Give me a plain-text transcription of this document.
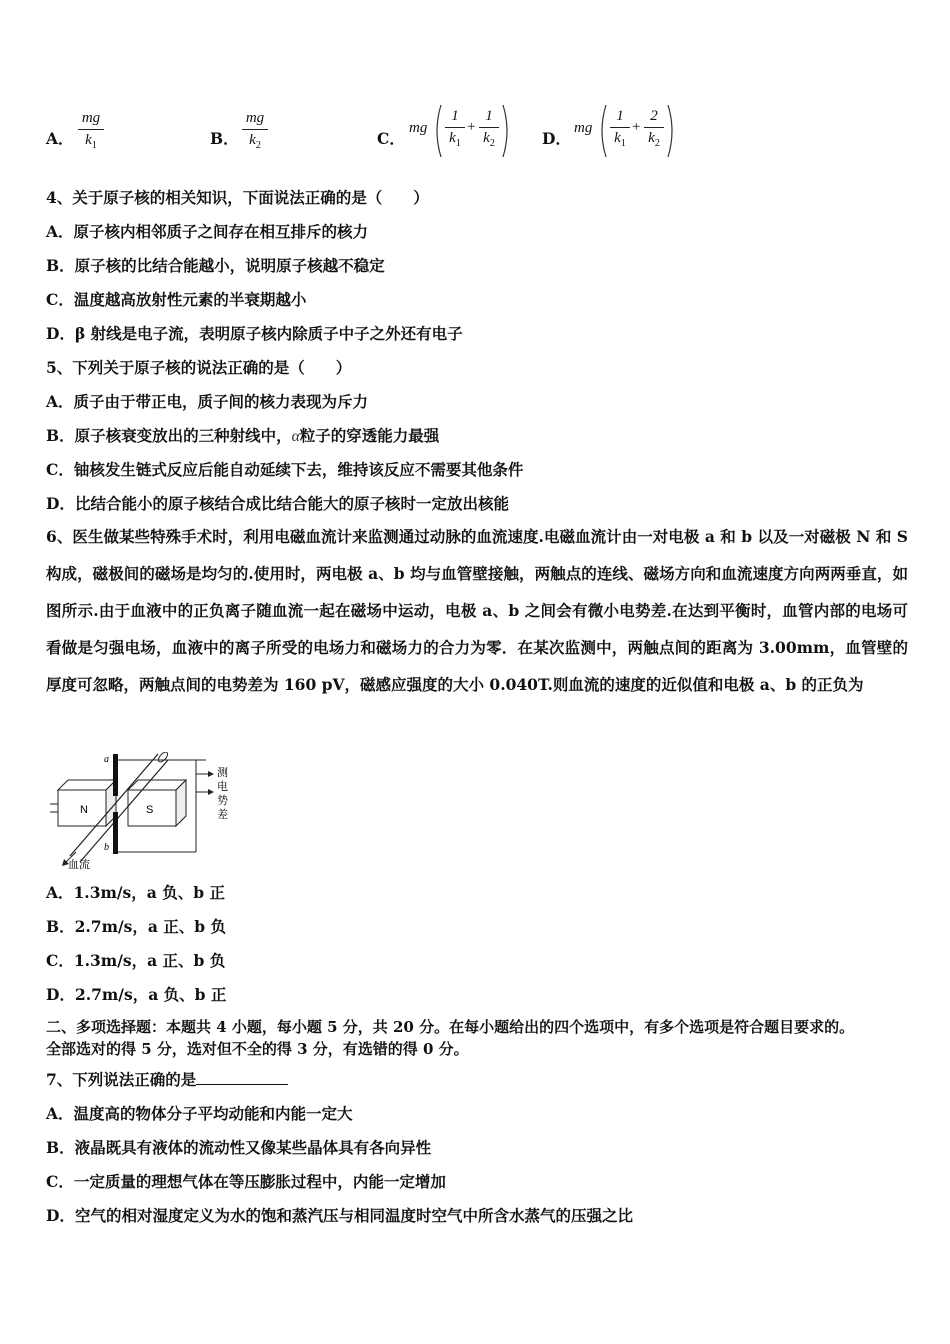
A．
mg
$k_1$	B．
mg
$k_2$	C．
mg
1
$k_1$
+
1
$k_2$	D．
mg
1
$k_1$
+
2
$k_2$
4、关于原子核的相关知识，下面说法正确的是（　　）
A．原子核内相邻质子之间存在相互排斥的核力
B．原子核的比结合能越小，说明原子核越不稳定
C．温度越高放射性元素的半衰期越小
D．β 射线是电子流，表明原子核内除质子中子之外还有电子
5、下列关于原子核的说法正确的是（　　）
A．质子由于带正电，质子间的核力表现为斥力
B．原子核衰变放出的三种射线中，α粒子的穿透能力最强
C．铀核发生链式反应后能自动延续下去，维持该反应不需要其他条件
D．比结合能小的原子核结合成比结合能大的原子核时一定放出核能
6、医生做某些特殊手术时，利用电磁血流计来监测通过动脉的血流速度.电磁血流计由一对电极 a 和 b 以及一对磁极 N 和 S 构成，磁极间的磁场是均匀的.使用时，两电极 a、b 均与血管壁接触，两触点的连线、磁场方向和血流速度方向两两垂直，如图所示.由于血液中的正负离子随血流一起在磁场中运动，电极 a、b 之间会有微小电势差.在达到平衡时，血管内部的电场可看做是匀强电场，血液中的离子所受的电场力和磁场力的合力为零．在某次监测中，两触点间的距离为 3.00mm，血管壁的厚度可忽略，两触点间的电势差为 160 pV，磁感应强度的大小 0.040T.则血流的速度的近似值和电极 a、b 的正负为
a
b
N	S
血流
测
电
势
差
A．1.3m/s，a 负、b 正
B．2.7m/s，a 正、b 负
C．1.3m/s，a 正、b 负
D．2.7m/s，a 负、b 正
二、多项选择题：本题共 4 小题，每小题 5 分，共 20 分。在每小题给出的四个选项中，有多个选项是符合题目要求的。
全部选对的得 5 分，选对但不全的得 3 分，有选错的得 0 分。
7、下列说法正确的是
A．温度高的物体分子平均动能和内能一定大
B．液晶既具有液体的流动性又像某些晶体具有各向异性
C．一定质量的理想气体在等压膨胀过程中，内能一定增加
D．空气的相对湿度定义为水的饱和蒸汽压与相同温度时空气中所含水蒸气的压强之比
